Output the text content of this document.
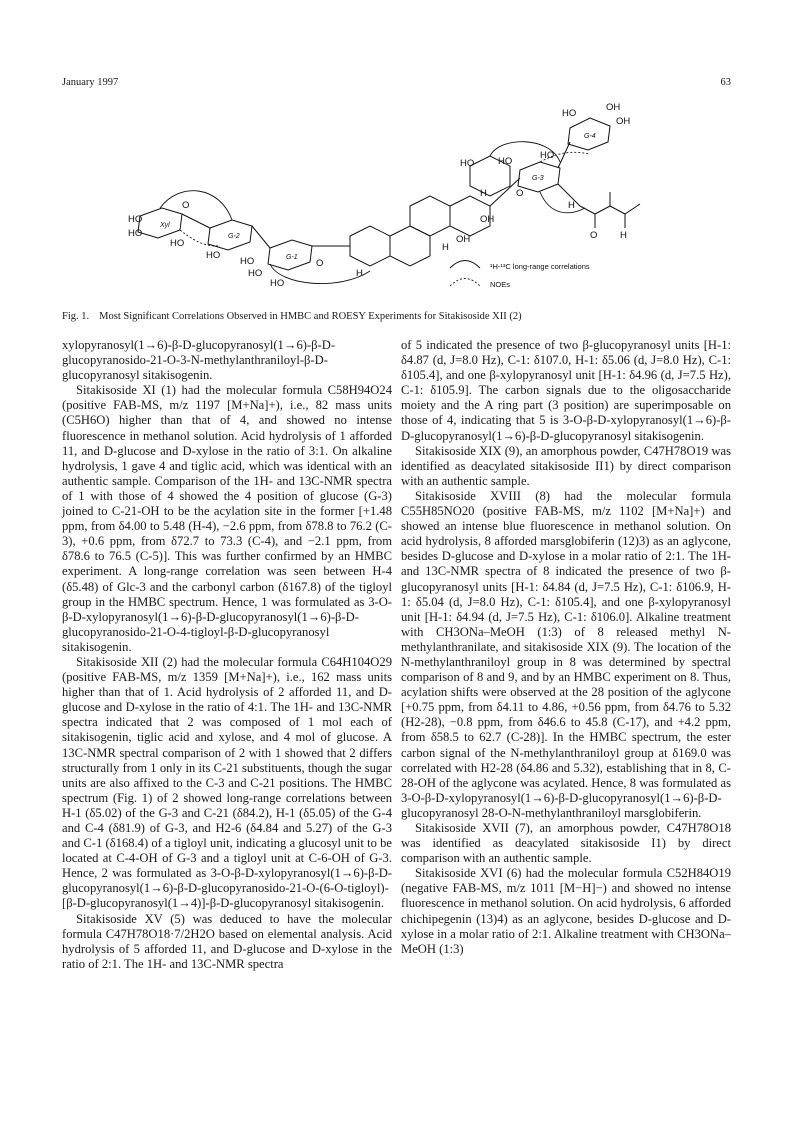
January 1997	63
HO
HO
Xyl
O
HO
G-2
HO
HO	G-1
HO
HO
O
H
H
OH
OH
HO
H
HO
G-3
O
HO
HO
OH
OH
G-4
H
O H
¹H-¹³C long-range correlations
NOEs
Fig. 1. Most Significant Correlations Observed in HMBC and ROESY Experiments for Sitakisoside XII (2)

xylopyranosyl(1→6)-β-D-glucopyranosyl(1→6)-β-D-glucopyranosido-21-O-3-N-methylanthraniloyl-β-D-glucopyranosyl sitakisogenin.

Sitakisoside XI (1) had the molecular formula C58H94O24 (positive FAB-MS, m/z 1197 [M+Na]+), i.e., 82 mass units (C5H6O) higher than that of 4, and showed no intense fluorescence in methanol solution. Acid hydrolysis of 1 afforded 11, and D-glucose and D-xylose in the ratio of 3:1. On alkaline hydrolysis, 1 gave 4 and tiglic acid, which was identical with an authentic sample. Comparison of the 1H- and 13C-NMR spectra of 1 with those of 4 showed the 4 position of glucose (G-3) joined to C-21-OH to be the acylation site in the former [+1.48 ppm, from δ4.00 to 5.48 (H-4), −2.6 ppm, from δ78.8 to 76.2 (C-3), +0.6 ppm, from δ72.7 to 73.3 (C-4), and −2.1 ppm, from δ78.6 to 76.5 (C-5)]. This was further confirmed by an HMBC experiment. A long-range correlation was seen between H-4 (δ5.48) of Glc-3 and the carbonyl carbon (δ167.8) of the tigloyl group in the HMBC spectrum. Hence, 1 was formulated as 3-O-β-D-xylopyranosyl(1→6)-β-D-glucopyranosyl(1→6)-β-D-glucopyranosido-21-O-4-tigloyl-β-D-glucopyranosyl sitakisogenin.

Sitakisoside XII (2) had the molecular formula C64H104O29 (positive FAB-MS, m/z 1359 [M+Na]+), i.e., 162 mass units higher than that of 1. Acid hydrolysis of 2 afforded 11, and D-glucose and D-xylose in the ratio of 4:1. The 1H- and 13C-NMR spectra indicated that 2 was composed of 1 mol each of sitakisogenin, tiglic acid and xylose, and 4 mol of glucose. A 13C-NMR spectral comparison of 2 with 1 showed that 2 differs structurally from 1 only in its C-21 substituents, though the sugar units are also affixed to the C-3 and C-21 positions. The HMBC spectrum (Fig. 1) of 2 showed long-range correlations between H-1 (δ5.02) of the G-3 and C-21 (δ84.2), H-1 (δ5.05) of the G-4 and C-4 (δ81.9) of G-3, and H2-6 (δ4.84 and 5.27) of the G-3 and C-1 (δ168.4) of a tigloyl unit, indicating a glucosyl unit to be located at C-4-OH of G-3 and a tigloyl unit at C-6-OH of G-3. Hence, 2 was formulated as 3-O-β-D-xylopyranosyl(1→6)-β-D-glucopyranosyl(1→6)-β-D-glucopyranosido-21-O-(6-O-tigloyl)-[β-D-glucopyranosyl(1→4)]-β-D-glucopyranosyl sitakisogenin.

Sitakisoside XV (5) was deduced to have the molecular formula C47H78O18·7/2H2O based on elemental analysis. Acid hydrolysis of 5 afforded 11, and D-glucose and D-xylose in the ratio of 2:1. The 1H- and 13C-NMR spectra

of 5 indicated the presence of two β-glucopyranosyl units [H-1: δ4.87 (d, J=8.0 Hz), C-1: δ107.0, H-1: δ5.06 (d, J=8.0 Hz), C-1: δ105.4], and one β-xylopyranosyl unit [H-1: δ4.96 (d, J=7.5 Hz), C-1: δ105.9]. The carbon signals due to the oligosaccharide moiety and the A ring part (3 position) are superimposable on those of 4, indicating that 5 is 3-O-β-D-xylopyranosyl(1→6)-β-D-glucopyranosyl(1→6)-β-D-glucopyranosyl sitakisogenin.

Sitakisoside XIX (9), an amorphous powder, C47H78O19 was identified as deacylated sitakisoside II1) by direct comparison with an authentic sample.

Sitakisoside XVIII (8) had the molecular formula C55H85NO20 (positive FAB-MS, m/z 1102 [M+Na]+) and showed an intense blue fluorescence in methanol solution. On acid hydrolysis, 8 afforded marsglobiferin (12)3) as an aglycone, besides D-glucose and D-xylose in a molar ratio of 2:1. The 1H- and 13C-NMR spectra of 8 indicated the presence of two β-glucopyranosyl units [H-1: δ4.84 (d, J=7.5 Hz), C-1: δ106.9, H-1: δ5.04 (d, J=8.0 Hz), C-1: δ105.4], and one β-xylopyranosyl unit [H-1: δ4.94 (d, J=7.5 Hz), C-1: δ106.0]. Alkaline treatment with CH3ONa–MeOH (1:3) of 8 released methyl N-methylanthranilate, and sitakisoside XIX (9). The location of the N-methylanthraniloyl group in 8 was determined by spectral comparison of 8 and 9, and by an HMBC experiment on 8. Thus, acylation shifts were observed at the 28 position of the aglycone [+0.75 ppm, from δ4.11 to 4.86, +0.56 ppm, from δ4.76 to 5.32 (H2-28), −0.8 ppm, from δ46.6 to 45.8 (C-17), and +4.2 ppm, from δ58.5 to 62.7 (C-28)]. In the HMBC spectrum, the ester carbon signal of the N-methylanthraniloyl group at δ169.0 was correlated with H2-28 (δ4.86 and 5.32), establishing that in 8, C-28-OH of the aglycone was acylated. Hence, 8 was formulated as 3-O-β-D-xylopyranosyl(1→6)-β-D-glucopyranosyl(1→6)-β-D-glucopyranosyl 28-O-N-methylanthraniloyl marsglobiferin.

Sitakisoside XVII (7), an amorphous powder, C47H78O18 was identified as deacylated sitakisoside I1) by direct comparison with an authentic sample.

Sitakisoside XVI (6) had the molecular formula C52H84O19 (negative FAB-MS, m/z 1011 [M−H]−) and showed no intense fluorescence in methanol solution. On acid hydrolysis, 6 afforded chichipegenin (13)4) as an aglycone, besides D-glucose and D-xylose in a molar ratio of 2:1. Alkaline treatment with CH3ONa–MeOH (1:3)
